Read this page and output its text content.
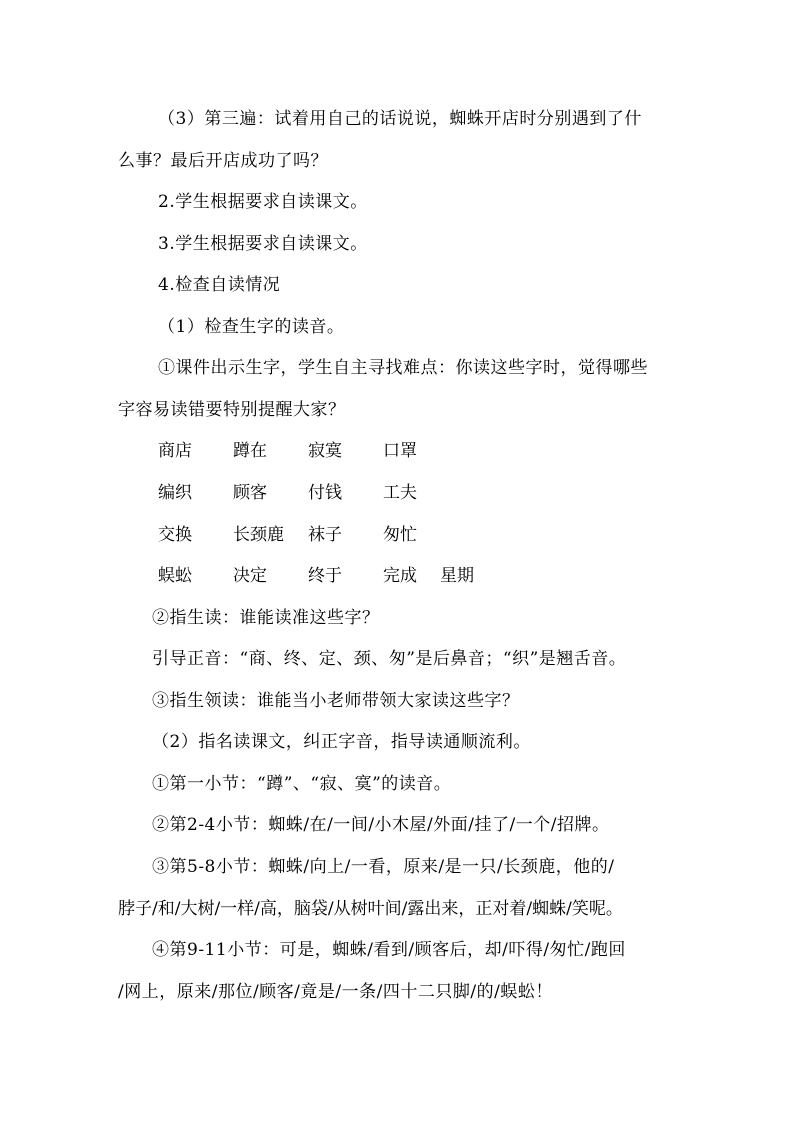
（3）第三遍：试着用自己的话说说，蜘蛛开店时分别遇到了什
么事？最后开店成功了吗？
2.学生根据要求自读课文。
3.学生根据要求自读课文。
4.检查自读情况
（1）检查生字的读音。
①课件出示生字，学生自主寻找难点：你读这些字时，觉得哪些
字容易读错要特别提醒大家？
商店 蹲在 寂寞 口罩
编织 顾客 付钱 工夫
交换 长颈鹿 袜子 匆忙
蜈蚣 决定 终于 完成 星期
②指生读：谁能读准这些字？
引导正音：“商、终、定、颈、匆”是后鼻音；“织”是翘舌音。
③指生领读：谁能当小老师带领大家读这些字？
（2）指名读课文，纠正字音，指导读通顺流利。
①第一小节：“蹲”、“寂、寞”的读音。
②第2-4小节：蜘蛛/在/一间/小木屋/外面/挂了/一个/招牌。
③第5-8小节：蜘蛛/向上/一看，原来/是一只/长颈鹿，他的/
脖子/和/大树/一样/高，脑袋/从树叶间/露出来，正对着/蜘蛛/笑呢。
④第9-11小节：可是，蜘蛛/看到/顾客后，却/吓得/匆忙/跑回
/网上，原来/那位/顾客/竟是/一条/四十二只脚/的/蜈蚣！
